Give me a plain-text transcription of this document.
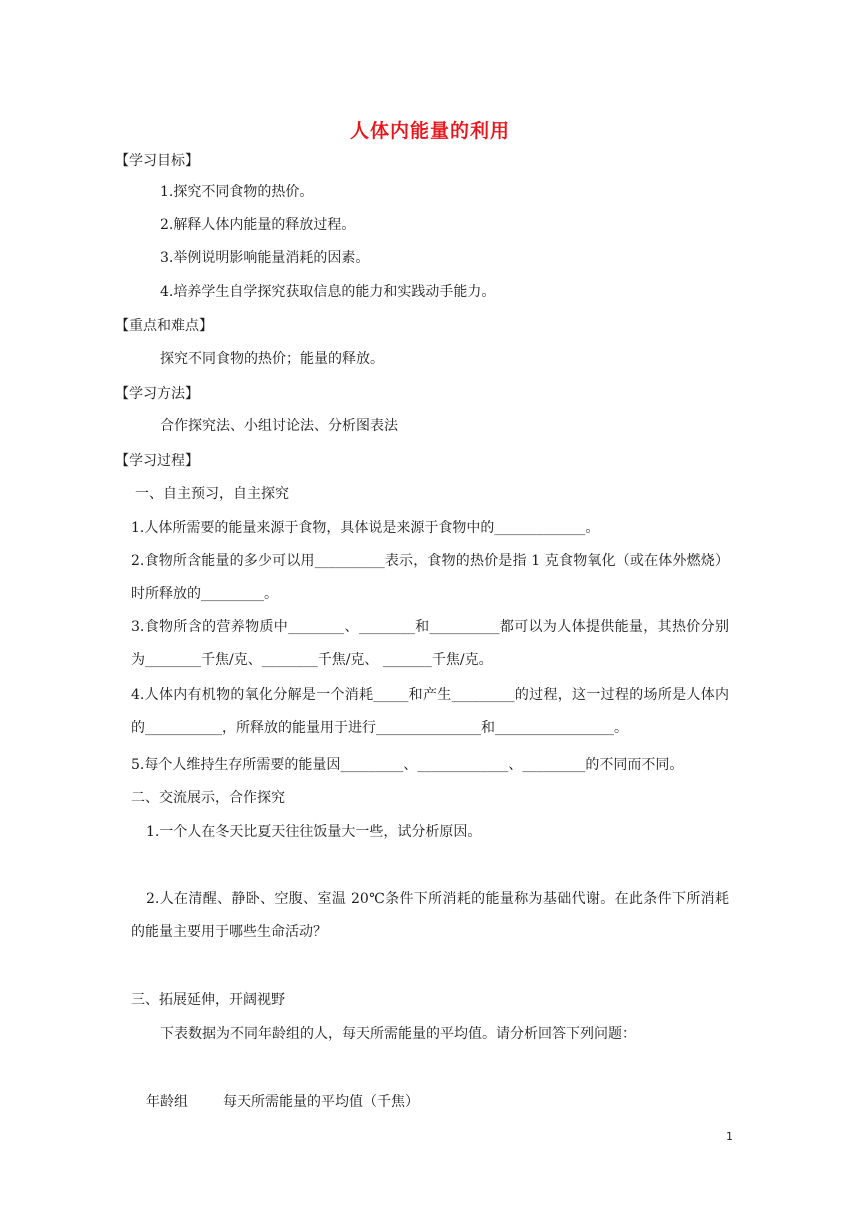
人体内能量的利用
【学习目标】
1.探究不同食物的热价。
2.解释人体内能量的释放过程。
3.举例说明影响能量消耗的因素。
4.培养学生自学探究获取信息的能力和实践动手能力。
【重点和难点】
探究不同食物的热价；能量的释放。
【学习方法】
合作探究法、小组讨论法、分析图表法
【学习过程】
一、自主预习，自主探究
1.人体所需要的能量来源于食物，具体说是来源于食物中的_____________。
2.食物所含能量的多少可以用__________表示，食物的热价是指 1 克食物氧化（或在体外燃烧）时所释放的_________。
3.食物所含的营养物质中________、________和__________都可以为人体提供能量，其热价分别为________千焦/克、________千焦/克、 _______千焦/克。
4.人体内有机物的氧化分解是一个消耗_____和产生_________的过程，这一过程的场所是人体内的___________，所释放的能量用于进行_______________和_________________。
5.每个人维持生存所需要的能量因_________、_____________、_________的不同而不同。
二、交流展示，合作探究
1.一个人在冬天比夏天往往饭量大一些，试分析原因。
2.人在清醒、静卧、空腹、室温 20℃条件下所消耗的能量称为基础代谢。在此条件下所消耗的能量主要用于哪些生命活动？
三、拓展延伸，开阔视野
下表数据为不同年龄组的人，每天所需能量的平均值。请分析回答下列问题：
年龄组	每天所需能量的平均值（千焦）
1
